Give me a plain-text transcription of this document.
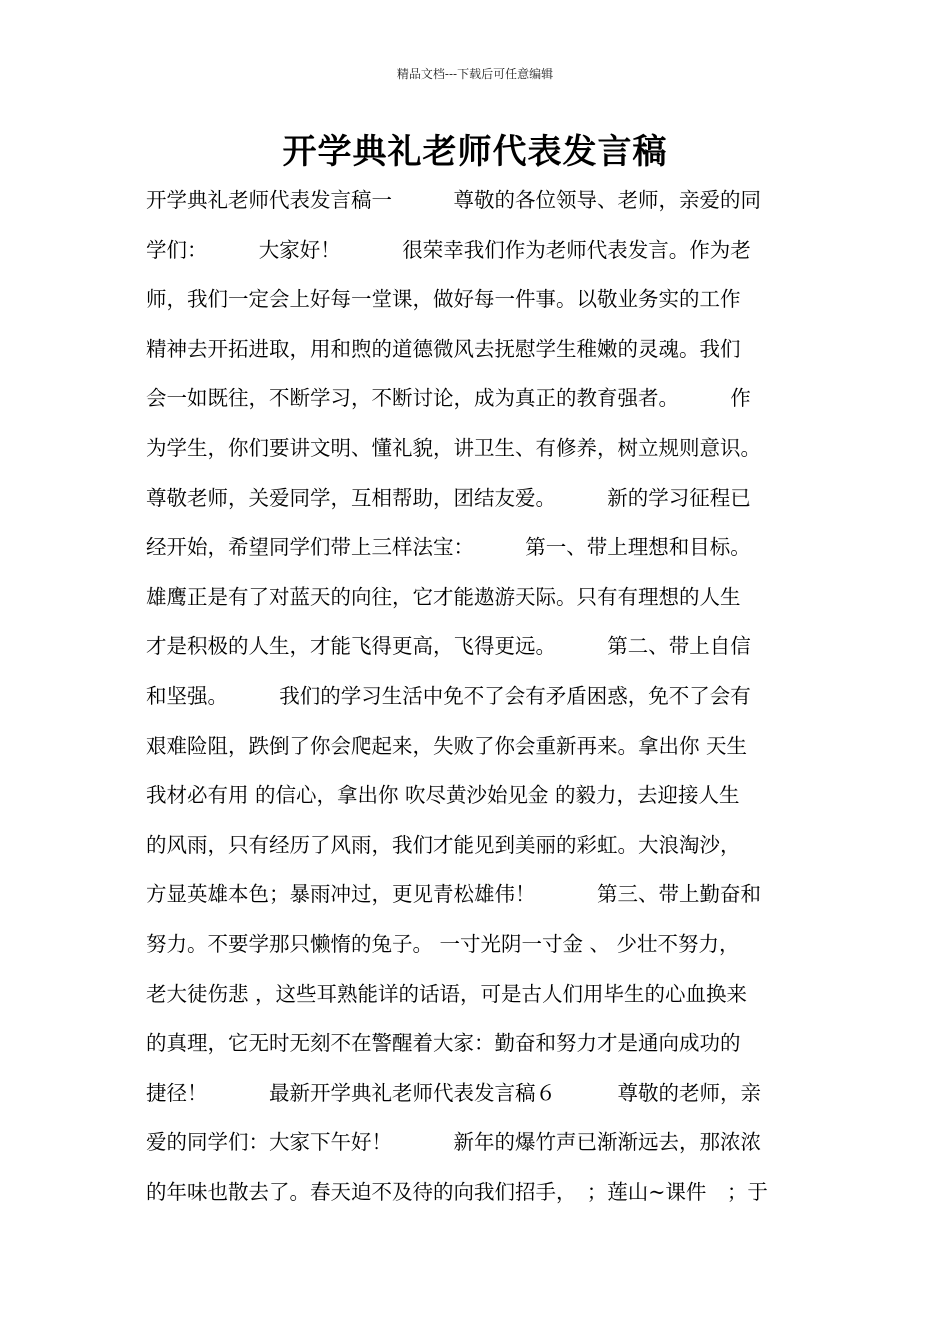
精品文档---下载后可任意编辑
开学典礼老师代表发言稿
开学典礼老师代表发言稿一　　　尊敬的各位领导、老师，亲爱的同
学们：　　　大家好！　　　很荣幸我们作为老师代表发言。作为老
师，我们一定会上好每一堂课，做好每一件事。以敬业务实的工作
精神去开拓进取，用和煦的道德微风去抚慰学生稚嫩的灵魂。我们
会一如既往，不断学习，不断讨论，成为真正的教育强者。　　　作
为学生，你们要讲文明、懂礼貌，讲卫生、有修养，树立规则意识。
尊敬老师，关爱同学，互相帮助，团结友爱。　　　新的学习征程已
经开始，希望同学们带上三样法宝：　　　第一、带上理想和目标。
雄鹰正是有了对蓝天的向往，它才能遨游天际。只有有理想的人生
才是积极的人生，才能飞得更高，飞得更远。　　　第二、带上自信
和坚强。　　　我们的学习生活中免不了会有矛盾困惑，免不了会有
艰难险阻，跌倒了你会爬起来，失败了你会重新再来。拿出你 天生
我材必有用 的信心，拿出你 吹尽黄沙始见金 的毅力，去迎接人生
的风雨，只有经历了风雨，我们才能见到美丽的彩虹。大浪淘沙，
方显英雄本色；暴雨冲过，更见青松雄伟！　　　第三、带上勤奋和
努力。不要学那只懒惰的兔子。 一寸光阴一寸金 、 少壮不努力，
老大徒伤悲 ，这些耳熟能详的话语，可是古人们用毕生的心血换来
的真理，它无时无刻不在警醒着大家：勤奋和努力才是通向成功的
捷径！　　　最新开学典礼老师代表发言稿６　　　尊敬的老师，亲
爱的同学们：大家下午好！　　　新年的爆竹声已渐渐远去，那浓浓
的年味也散去了。春天迫不及待的向我们招手，　；莲山~课件　；于
